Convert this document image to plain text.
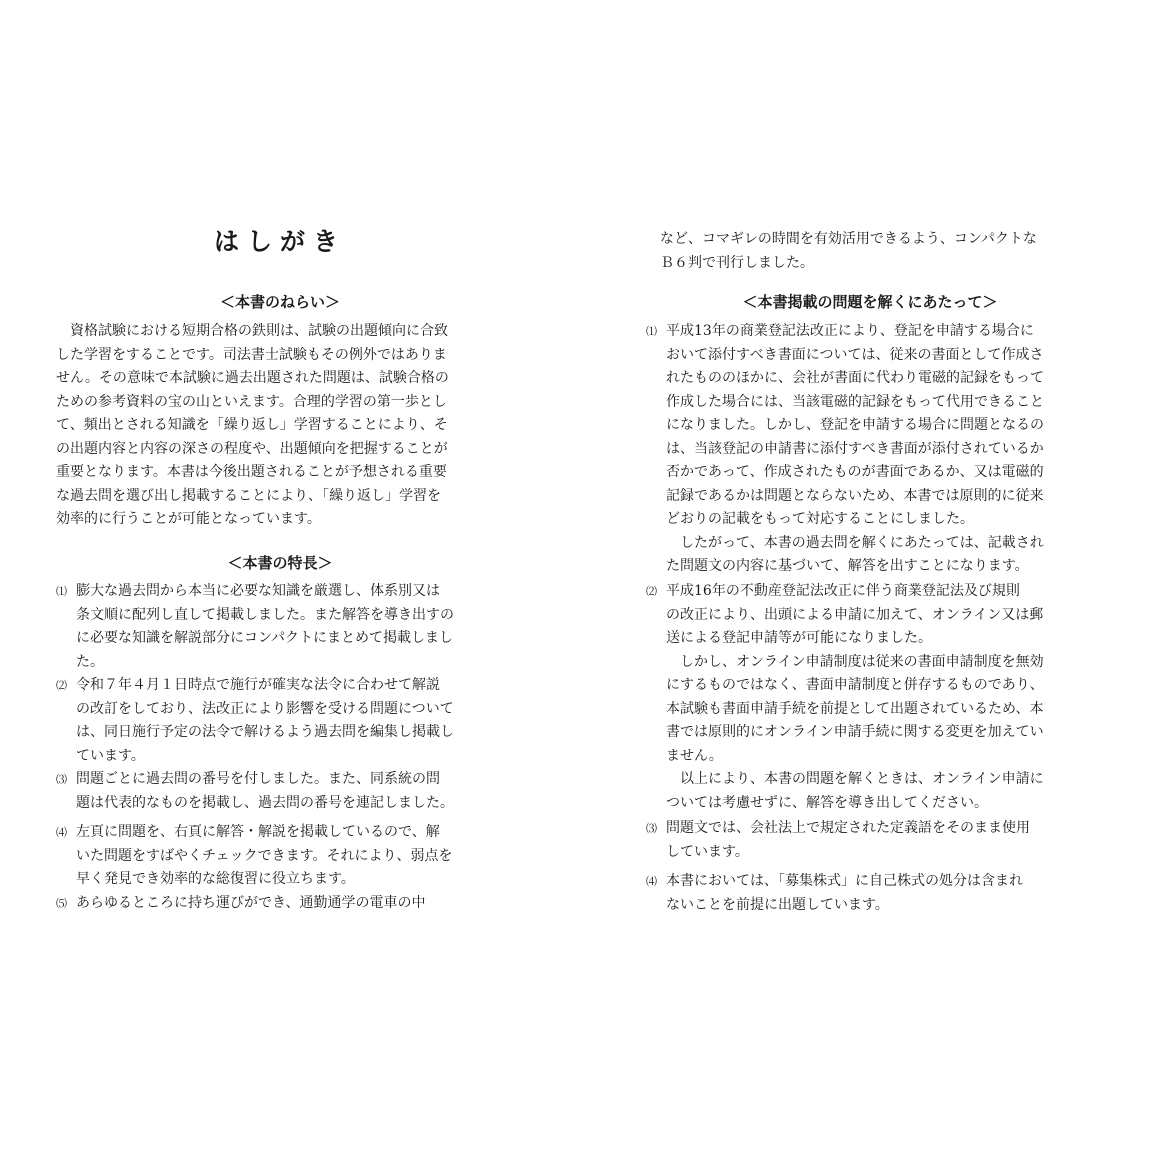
はしがき
＜本書のねらい＞
資格試験における短期合格の鉄則は、試験の出題傾向に合致
した学習をすることです。司法書士試験もその例外ではありま
せん。その意味で本試験に過去出題された問題は、試験合格の
ための参考資料の宝の山といえます。合理的学習の第一歩とし
て、頻出とされる知識を「繰り返し」学習することにより、そ
の出題内容と内容の深さの程度や、出題傾向を把握することが
重要となります。本書は今後出題されることが予想される重要
な過去問を選び出し掲載することにより、「繰り返し」学習を
効率的に行うことが可能となっています。
＜本書の特長＞
⑴ 膨大な過去問から本当に必要な知識を厳選し、体系別又は
条文順に配列し直して掲載しました。また解答を導き出すの
に必要な知識を解説部分にコンパクトにまとめて掲載しまし
た。
⑵ 令和７年４月１日時点で施行が確実な法令に合わせて解説
の改訂をしており、法改正により影響を受ける問題について
は、同日施行予定の法令で解けるよう過去問を編集し掲載し
ています。
⑶ 問題ごとに過去問の番号を付しました。また、同系統の問
題は代表的なものを掲載し、過去問の番号を連記しました。
⑷ 左頁に問題を、右頁に解答・解説を掲載しているので、解
いた問題をすばやくチェックできます。それにより、弱点を
早く発見でき効率的な総復習に役立ちます。
⑸ あらゆるところに持ち運びができ、通勤通学の電車の中
など、コマギレの時間を有効活用できるよう、コンパクトな
Ｂ６判で刊行しました。
＜本書掲載の問題を解くにあたって＞
⑴ 平成13年の商業登記法改正により、登記を申請する場合に
おいて添付すべき書面については、従来の書面として作成さ
れたもののほかに、会社が書面に代わり電磁的記録をもって
作成した場合には、当該電磁的記録をもって代用できること
になりました。しかし、登記を申請する場合に問題となるの
は、当該登記の申請書に添付すべき書面が添付されているか
否かであって、作成されたものが書面であるか、又は電磁的
記録であるかは問題とならないため、本書では原則的に従来
どおりの記載をもって対応することにしました。
したがって、本書の過去問を解くにあたっては、記載され
た問題文の内容に基づいて、解答を出すことになります。
⑵ 平成16年の不動産登記法改正に伴う商業登記法及び規則
の改正により、出頭による申請に加えて、オンライン又は郵
送による登記申請等が可能になりました。
しかし、オンライン申請制度は従来の書面申請制度を無効
にするものではなく、書面申請制度と併存するものであり、
本試験も書面申請手続を前提として出題されているため、本
書では原則的にオンライン申請手続に関する変更を加えてい
ません。
以上により、本書の問題を解くときは、オンライン申請に
ついては考慮せずに、解答を導き出してください。
⑶ 問題文では、会社法上で規定された定義語をそのまま使用
しています。
⑷ 本書においては、「募集株式」に自己株式の処分は含まれ
ないことを前提に出題しています。
